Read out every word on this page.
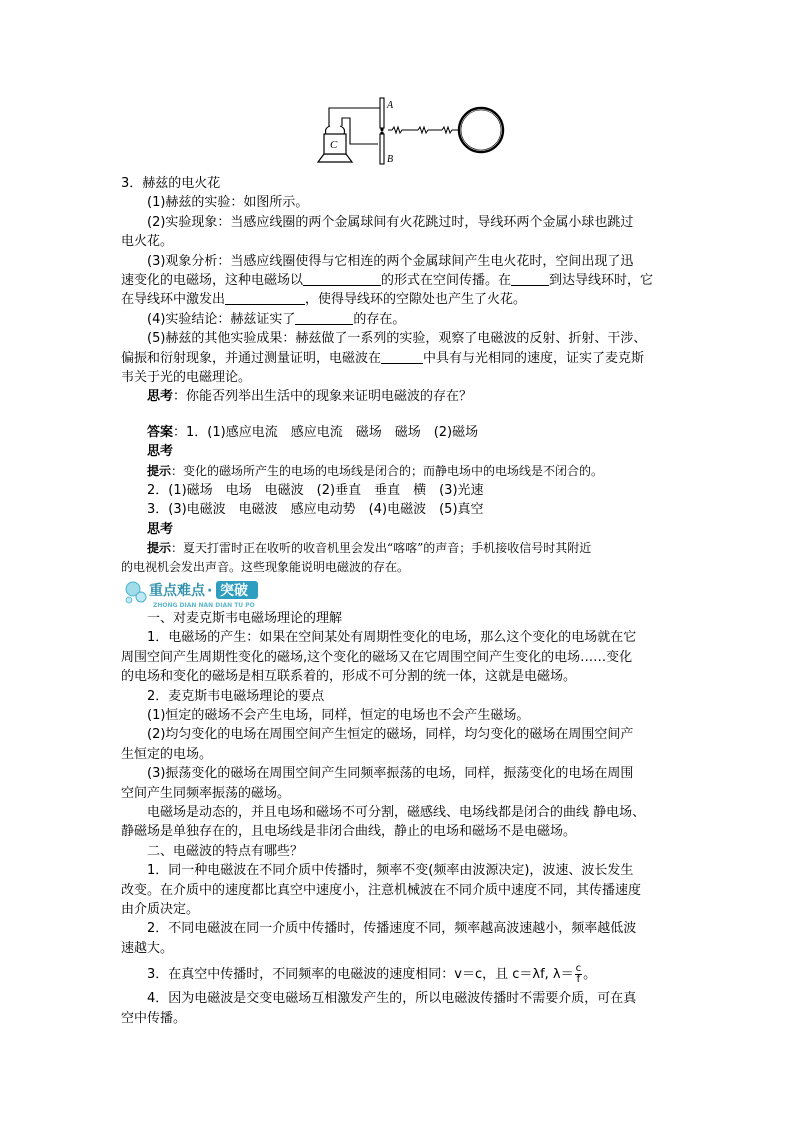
C
A
B
3．赫兹的电火花
(1)赫兹的实验：如图所示。
(2)实验现象：当感应线圈的两个金属球间有火花跳过时，导线环两个金属小球也跳过
电火花。
(3)观象分析：当感应线圈使得与它相连的两个金属球间产生电火花时，空间出现了迅
速变化的电磁场，这种电磁场以	的形式在空间传播。在	到达导线环时，它
在导线环中激发出	，使得导线环的空隙处也产生了火花。
(4)实验结论：赫兹证实了	的存在。
(5)赫兹的其他实验成果：赫兹做了一系列的实验，观察了电磁波的反射、折射、干涉、
偏振和衍射现象，并通过测量证明，电磁波在	中具有与光相同的速度，证实了麦克斯
韦关于光的电磁理论。
思考：你能否列举出生活中的现象来证明电磁波的存在？
答案：1．(1)感应电流　感应电流　磁场　磁场　(2)磁场
思考
提示：变化的磁场所产生的电场的电场线是闭合的；而静电场中的电场线是不闭合的。
2．(1)磁场　电场　电磁波　(2)垂直　垂直　横　(3)光速
3．(3)电磁波　电磁波　感应电动势　(4)电磁波　(5)真空
思考
提示：夏天打雷时正在收听的收音机里会发出“喀喀”的声音；手机接收信号时其附近
的电视机会发出声音。这些现象能说明电磁波的存在。
重点难点 · 突破
ZHONG DIAN NAN DIAN TU PO
一、对麦克斯韦电磁场理论的理解
1．电磁场的产生：如果在空间某处有周期性变化的电场，那么这个变化的电场就在它
周围空间产生周期性变化的磁场,这个变化的磁场又在它周围空间产生变化的电场……变化
的电场和变化的磁场是相互联系着的，形成不可分割的统一体，这就是电磁场。
2．麦克斯韦电磁场理论的要点
(1)恒定的磁场不会产生电场，同样，恒定的电场也不会产生磁场。
(2)均匀变化的电场在周围空间产生恒定的磁场，同样，均匀变化的磁场在周围空间产
生恒定的电场。
(3)振荡变化的磁场在周围空间产生同频率振荡的电场，同样，振荡变化的电场在周围
空间产生同频率振荡的磁场。
电磁场是动态的，并且电场和磁场不可分割，磁感线、电场线都是闭合的曲线 静电场、
静磁场是单独存在的，且电场线是非闭合曲线，静止的电场和磁场不是电磁场。
二、电磁波的特点有哪些？
1．同一种电磁波在不同介质中传播时，频率不变(频率由波源决定)，波速、波长发生
改变。在介质中的速度都比真空中速度小，注意机械波在不同介质中速度不同，其传播速度
由介质决定。
2．不同电磁波在同一介质中传播时，传播速度不同，频率越高波速越小，频率越低波
速越大。
3．在真空中传播时，不同频率的电磁波的速度相同：v＝c，且 c＝λf, $\lambda= \frac{c}{f}$ 。
4．因为电磁波是交变电磁场互相激发产生的，所以电磁波传播时不需要介质，可在真
空中传播。
